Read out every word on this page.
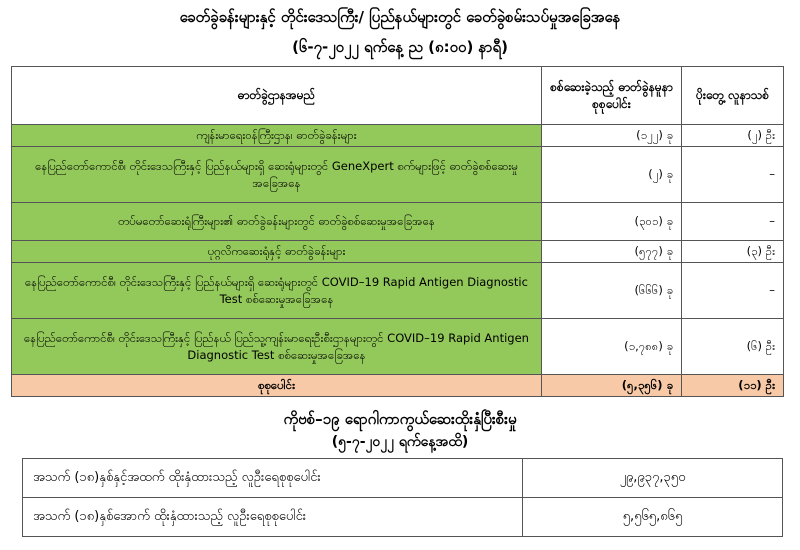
ခေတ်ခွဲခန်းများနှင့် တိုင်းဒေသကြီး/ ပြည်နယ်များတွင် ခေတ်ခွဲစမ်းသပ်မှုအခြေအနေ
(၆-၇-၂၀၂၂ ရက်နေ့ ည (၈:၀၀) နာရီ)
ဓာတ်ခွဲဌာနအမည်	စစ်ဆေးခဲ့သည့် ဓာတ်ခွဲနမူနာ စုစုပေါင်း	ပိုးတွေ့ လူနာသစ်
ကျန်းမာရေးဝန်ကြီးဌာန၊ ဓာတ်ခွဲခန်းများ	(၁၂၂) ခု	(၂) ဦး
နေပြည်တော်ကောင်စီ၊ တိုင်းဒေသကြီးနှင့် ပြည်နယ်များရှိ ဆေးရုံများတွင် GeneXpert စက်များဖြင့် ဓာတ်ခွဲစစ်ဆေးမှုအခြေအနေ	(၂) ခု	–
တပ်မတော်ဆေးရုံကြီးများ၏ ဓာတ်ခွဲခန်းများတွင် ဓာတ်ခွဲစစ်ဆေးမှုအခြေအနေ	(၃၀၁) ခု	–
ပုဂ္ဂလိကဆေးရုံနှင့် ဓာတ်ခွဲခန်းများ	(၅၇၇) ခု	(၃) ဦး
နေပြည်တော်ကောင်စီ၊ တိုင်းဒေသကြီးနှင့် ပြည်နယ်များရှိ ဆေးရုံများတွင် COVID–19 Rapid Antigen Diagnostic Test စစ်ဆေးမှုအခြေအနေ	(၆၆၆) ခု	–
နေပြည်တော်ကောင်စီ၊ တိုင်းဒေသကြီးနှင့် ပြည်နယ် ပြည်သူ့ကျန်းမာရေးဦးစီးဌာနများတွင် COVID–19 Rapid Antigen Diagnostic Test စစ်ဆေးမှုအခြေအနေ	(၁,၇၈၈) ခု	(၆) ဦး
စုစုပေါင်း	(၅,၃၅၆) ခု	(၁၁) ဦး
ကိုဗစ်–၁၉ ရောဂါကာကွယ်ဆေးထိုးနှံပြီးစီးမှု
(၅-၇-၂၀၂၂ ရက်နေ့အထိ)
အသက် (၁၈)နှစ်နှင့်အထက် ထိုးနှံထားသည့် လူဦးရေစုစုပေါင်း	၂၉,၉၃၇,၃၅၀
အသက် (၁၈)နှစ်အောက် ထိုးနှံထားသည့် လူဦးရေစုစုပေါင်း	၅,၅၆၅,၈၆၅
